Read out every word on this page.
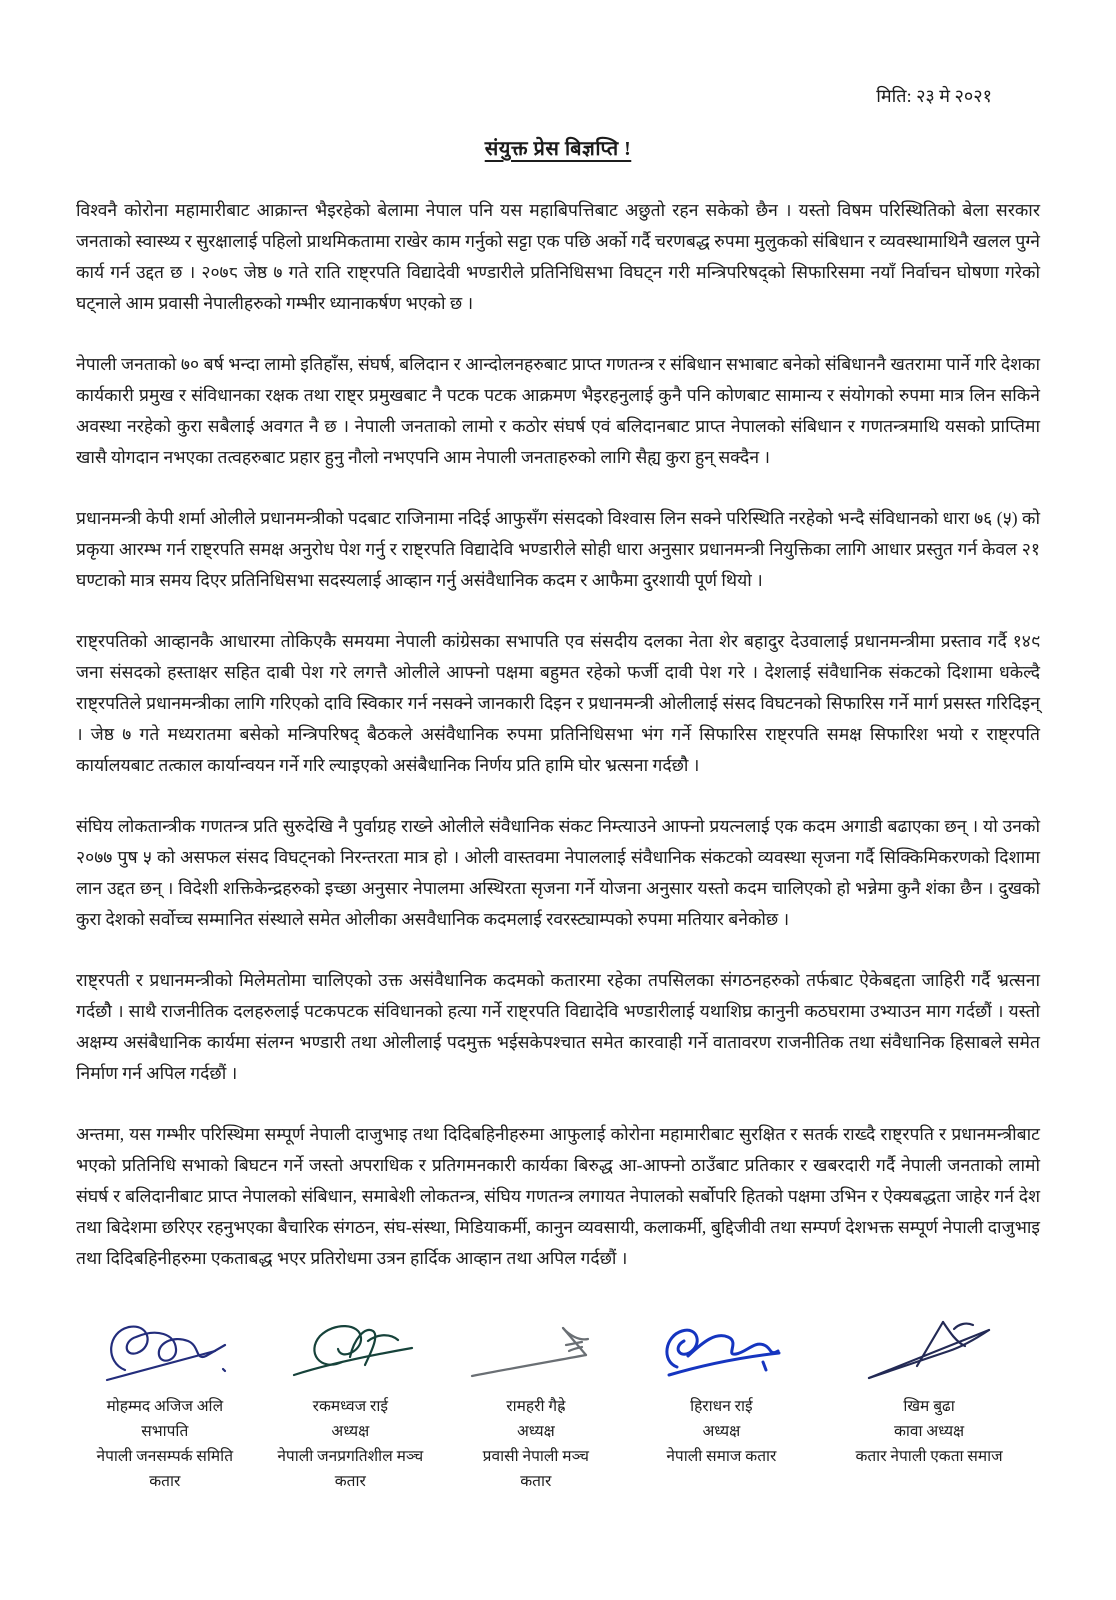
मिति: २३ मे २०२१
संयुक्त प्रेस बिज्ञप्ति !

विश्वनै कोरोना महामारीबाट आक्रान्त भैइरहेको बेलामा नेपाल पनि यस महाबिपत्तिबाट अछुतो रहन सकेको छैन । यस्तो विषम परिस्थितिको बेला सरकार जनताको स्वास्थ्य र सुरक्षालाई पहिलो प्राथमिकतामा राखेर काम गर्नुको सट्टा एक पछि अर्को गर्दै चरणबद्ध रुपमा मुलुकको संबिधान र व्यवस्थामाथिनै खलल पुग्ने कार्य गर्न उद्दत छ । २०७८ जेष्ठ ७ गते राति राष्ट्रपति विद्यादेवी भण्डारीले प्रतिनिधिसभा विघट्न गरी मन्त्रिपरिषद्को सिफारिसमा नयाँ निर्वाचन घोषणा गरेको घट्नाले आम प्रवासी नेपालीहरुको गम्भीर ध्यानाकर्षण भएको छ ।

नेपाली जनताको ७० बर्ष भन्दा लामो इतिहाँस, संघर्ष, बलिदान र आन्दोलनहरुबाट प्राप्त गणतन्त्र र संबिधान सभाबाट बनेको संबिधाननै खतरामा पार्ने गरि देशका कार्यकारी प्रमुख र संविधानका रक्षक तथा राष्ट्र प्रमुखबाट नै पटक पटक आक्रमण भैइरहनुलाई कुनै पनि कोणबाट सामान्य र संयोगको रुपमा मात्र लिन सकिने अवस्था नरहेको कुरा सबैलाई अवगत नै छ । नेपाली जनताको लामो र कठोर संघर्ष एवं बलिदानबाट प्राप्त नेपालको संबिधान र गणतन्त्रमाथि यसको प्राप्तिमा खासै योगदान नभएका तत्वहरुबाट प्रहार हुनु नौलो नभएपनि आम नेपाली जनताहरुको लागि सैह्य कुरा हुन् सक्दैन ।

प्रधानमन्त्री केपी शर्मा ओलीले प्रधानमन्त्रीको पदबाट राजिनामा नदिई आफुसँग संसदको विश्वास लिन सक्ने परिस्थिति नरहेको भन्दै संविधानको धारा ७६ (५) को प्रकृया आरम्भ गर्न राष्ट्रपति समक्ष अनुरोध पेश गर्नु र राष्ट्रपति विद्यादेवि भण्डारीले सोही धारा अनुसार प्रधानमन्त्री नियुक्तिका लागि आधार प्रस्तुत गर्न केवल २१ घण्टाको मात्र समय दिएर प्रतिनिधिसभा सदस्यलाई आव्हान गर्नु असंवैधानिक कदम र आफैमा दुरशायी पूर्ण थियो ।

राष्ट्रपतिको आव्हानकै आधारमा तोकिएकै समयमा नेपाली कांग्रेसका सभापति एव संसदीय दलका नेता शेर बहादुर देउवालाई प्रधानमन्त्रीमा प्रस्ताव गर्दै १४९ जना संसदको हस्ताक्षर सहित दाबी पेश गरे लगत्तै ओलीले आफ्नो पक्षमा बहुमत रहेको फर्जी दावी पेश गरे । देशलाई संवैधानिक संकटको दिशामा धकेल्दै राष्ट्रपतिले प्रधानमन्त्रीका लागि गरिएको दावि स्विकार गर्न नसक्ने जानकारी दिइन र प्रधानमन्त्री ओलीलाई संसद विघटनको सिफारिस गर्ने मार्ग प्रसस्त गरिदिइन् । जेष्ठ ७ गते मध्यरातमा बसेको मन्त्रिपरिषद् बैठकले असंवैधानिक रुपमा प्रतिनिधिसभा भंग गर्ने सिफारिस राष्ट्रपति समक्ष सिफारिश भयो र राष्ट्रपति कार्यालयबाट तत्काल कार्यान्वयन गर्ने गरि ल्याइएको असंबैधानिक निर्णय प्रति हामि घोर भ्रत्सना गर्दछौै ।

संघिय लोकतान्त्रीक गणतन्त्र प्रति सुरुदेखि नै पुर्वाग्रह राख्ने ओलीले संवैधानिक संकट निम्त्याउने आफ्नो प्रयत्नलाई एक कदम अगाडी बढाएका छन् । यो उनको २०७७ पुष ५ को असफल संसद विघट्नको निरन्तरता मात्र हो । ओली वास्तवमा नेपाललाई संवैधानिक संकटको व्यवस्था सृजना गर्दै सिक्किमिकरणको दिशामा लान उद्दत छन् । विदेशी शक्तिकेन्द्रहरुको इच्छा अनुसार नेपालमा अस्थिरता सृजना गर्ने योजना अनुसार यस्तो कदम चालिएको हो भन्नेमा कुनै शंका छैन । दुखको कुरा देशको सर्वोच्च सम्मानित संस्थाले समेत ओलीका असवैधानिक कदमलाई रवरस्ट्याम्पको रुपमा मतियार बनेकोछ ।

राष्ट्रपती र प्रधानमन्त्रीको मिलेमतोमा चालिएको उक्त असंवैधानिक कदमको कतारमा रहेका तपसिलका संगठनहरुको तर्फबाट ऐकेबद्दता जाहिरी गर्दै भ्रत्सना गर्दछौै । साथै राजनीतिक दलहरुलाई पटकपटक संविधानको हत्या गर्ने राष्ट्रपति विद्यादेवि भण्डारीलाई यथाशिघ्र कानुनी कठघरामा उभ्याउन माग गर्दछौं । यस्तो अक्षम्य असंबैधानिक कार्यमा संलग्न भण्डारी तथा ओलीलाई पदमुक्त भईसकेपश्चात समेत कारवाही गर्ने वातावरण राजनीतिक तथा संवैधानिक हिसाबले समेत निर्माण गर्न अपिल गर्दछौं ।

अन्तमा, यस गम्भीर परिस्थिमा सम्पूर्ण नेपाली दाजुभाइ तथा दिदिबहिनीहरुमा आफुलाई कोरोना महामारीबाट सुरक्षित र सतर्क राख्दै राष्ट्रपति र प्रधानमन्त्रीबाट भएको प्रतिनिधि सभाको बिघटन गर्ने जस्तो अपराधिक र प्रतिगमनकारी कार्यका बिरुद्ध आ-आफ्नो ठाउँबाट प्रतिकार र खबरदारी गर्दै नेपाली जनताको लामो संघर्ष र बलिदानीबाट प्राप्त नेपालको संबिधान, समाबेशी लोकतन्त्र, संघिय गणतन्त्र लगायत नेपालको सर्बोपरि हितको पक्षमा उभिन र ऐक्यबद्धता जाहेर गर्न देश तथा बिदेशमा छरिएर रहनुभएका बैचारिक संगठन, संघ-संस्था, मिडियाकर्मी, कानुन व्यवसायी, कलाकर्मी, बुद्दिजीवी तथा सम्पर्ण देशभक्त सम्पूर्ण नेपाली दाजुभाइ तथा दिदिबहिनीहरुमा एकताबद्ध भएर प्रतिरोधमा उत्रन हार्दिक आव्हान तथा अपिल गर्दछौं ।

मोहम्मद अजिज अलि
सभापति
नेपाली जनसम्पर्क समिति
कतार
रकमध्वज राई
अध्यक्ष
नेपाली जनप्रगतिशील मञ्च
कतार
रामहरी गैह्रे
अध्यक्ष
प्रवासी नेपाली मञ्च
कतार
हिराधन राई
अध्यक्ष
नेपाली समाज कतार
खिम बुढा
कावा अध्यक्ष
कतार नेपाली एकता समाज
